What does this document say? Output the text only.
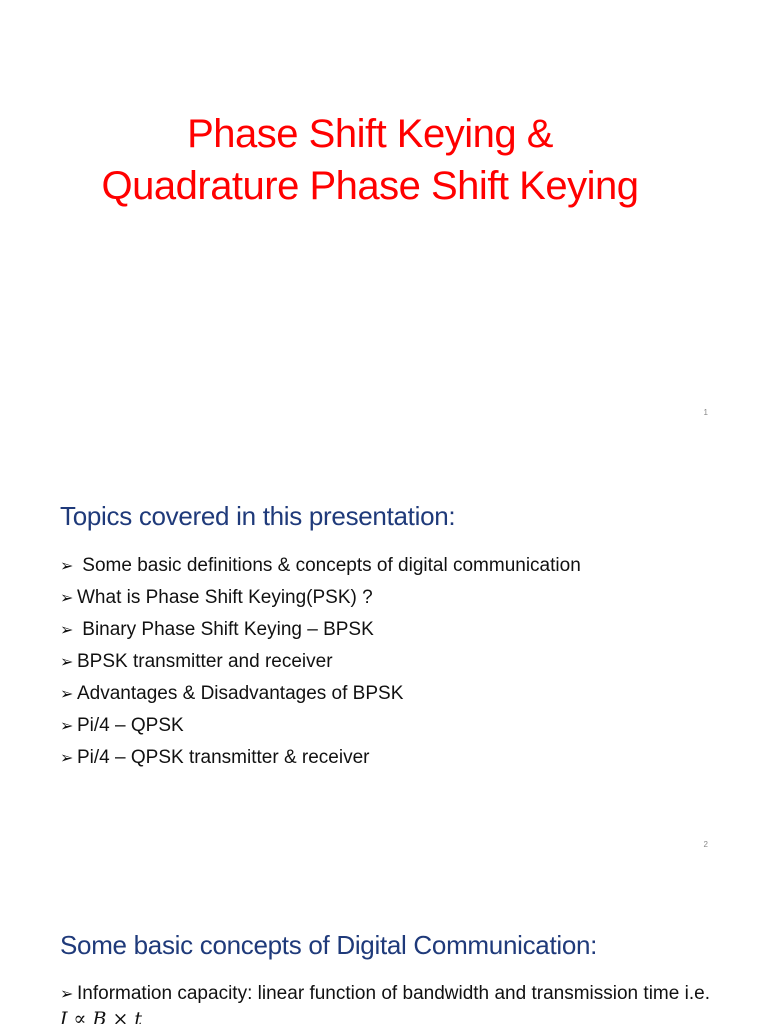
Phase Shift Keying &
Quadrature Phase Shift Keying
1
Topics covered in this presentation:
➢ Some basic definitions & concepts of digital communication
➢ What is Phase Shift Keying(PSK) ?
➢ Binary Phase Shift Keying – BPSK
➢ BPSK transmitter and receiver
➢ Advantages & Disadvantages of BPSK
➢ Pi/4 – QPSK
➢ Pi/4 – QPSK transmitter & receiver
2
Some basic concepts of Digital Communication:
➢ Information capacity: linear function of bandwidth and transmission time i.e. I ∝ B × t
